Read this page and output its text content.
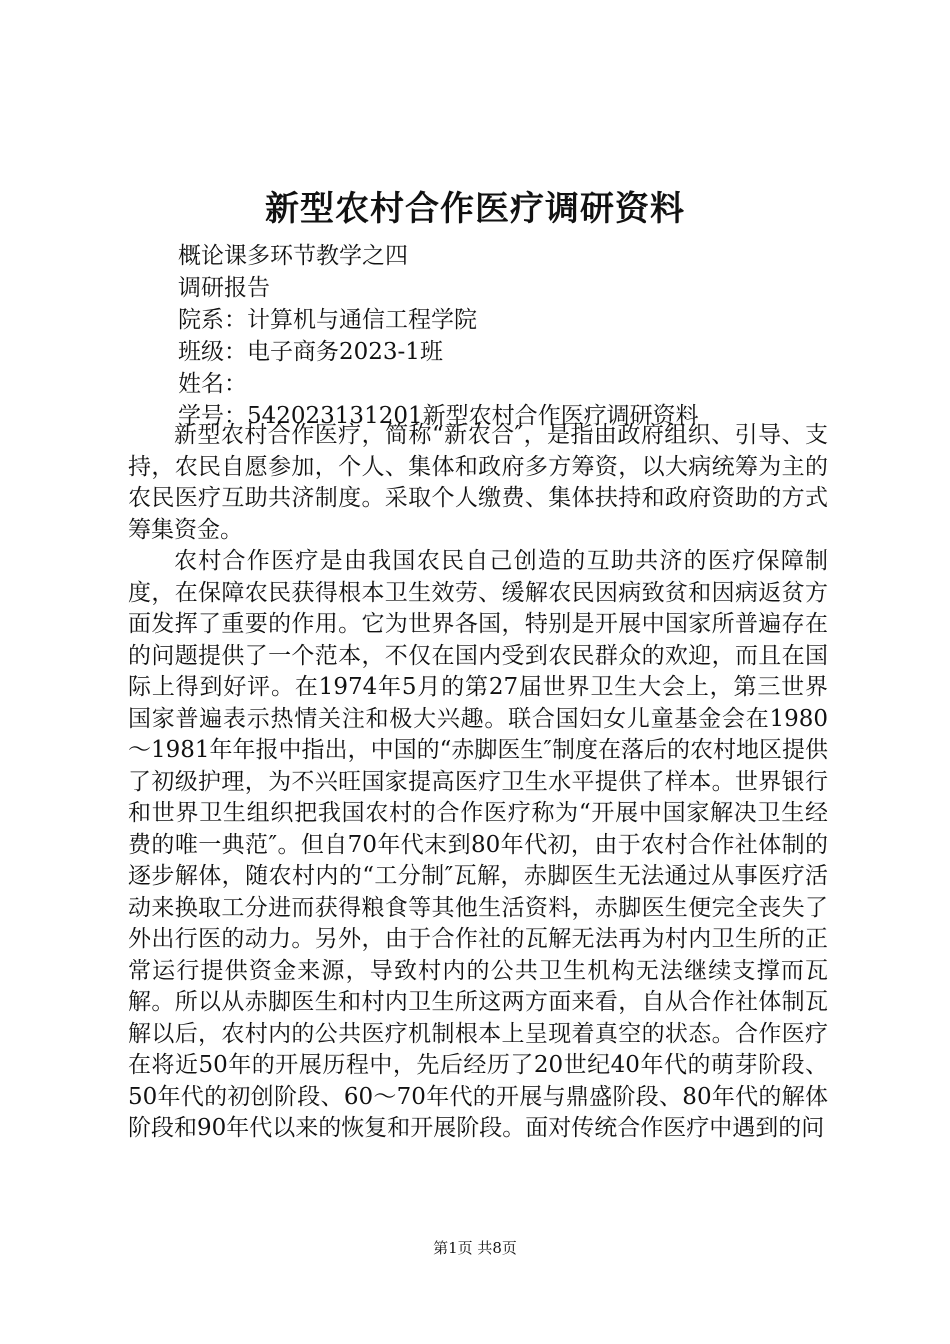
新型农村合作医疗调研资料
概论课多环节教学之四
调研报告
院系：计算机与通信工程学院
班级：电子商务2023-1班
姓名：
学号：542023131201新型农村合作医疗调研资料

新型农村合作医疗，简称“新农合″，是指由政府组织、引导、支持，农民自愿参加，个人、集体和政府多方筹资，以大病统筹为主的农民医疗互助共济制度。采取个人缴费、集体扶持和政府资助的方式筹集资金。

农村合作医疗是由我国农民自己创造的互助共济的医疗保障制度，在保障农民获得根本卫生效劳、缓解农民因病致贫和因病返贫方面发挥了重要的作用。它为世界各国，特别是开展中国家所普遍存在的问题提供了一个范本，不仅在国内受到农民群众的欢迎，而且在国际上得到好评。在1974年5月的第27届世界卫生大会上，第三世界国家普遍表示热情关注和极大兴趣。联合国妇女儿童基金会在1980～1981年年报中指出，中国的“赤脚医生″制度在落后的农村地区提供了初级护理，为不兴旺国家提高医疗卫生水平提供了样本。世界银行和世界卫生组织把我国农村的合作医疗称为“开展中国家解决卫生经费的唯一典范″。但自70年代末到80年代初，由于农村合作社体制的逐步解体，随农村内的“工分制″瓦解，赤脚医生无法通过从事医疗活动来换取工分进而获得粮食等其他生活资料，赤脚医生便完全丧失了外出行医的动力。另外，由于合作社的瓦解无法再为村内卫生所的正常运行提供资金来源，导致村内的公共卫生机构无法继续支撑而瓦解。所以从赤脚医生和村内卫生所这两方面来看，自从合作社体制瓦解以后，农村内的公共医疗机制根本上呈现着真空的状态。合作医疗在将近50年的开展历程中，先后经历了20世纪40年代的萌芽阶段、50年代的初创阶段、60～70年代的开展与鼎盛阶段、80年代的解体阶段和90年代以来的恢复和开展阶段。面对传统合作医疗中遇到的问

第1页 共8页
